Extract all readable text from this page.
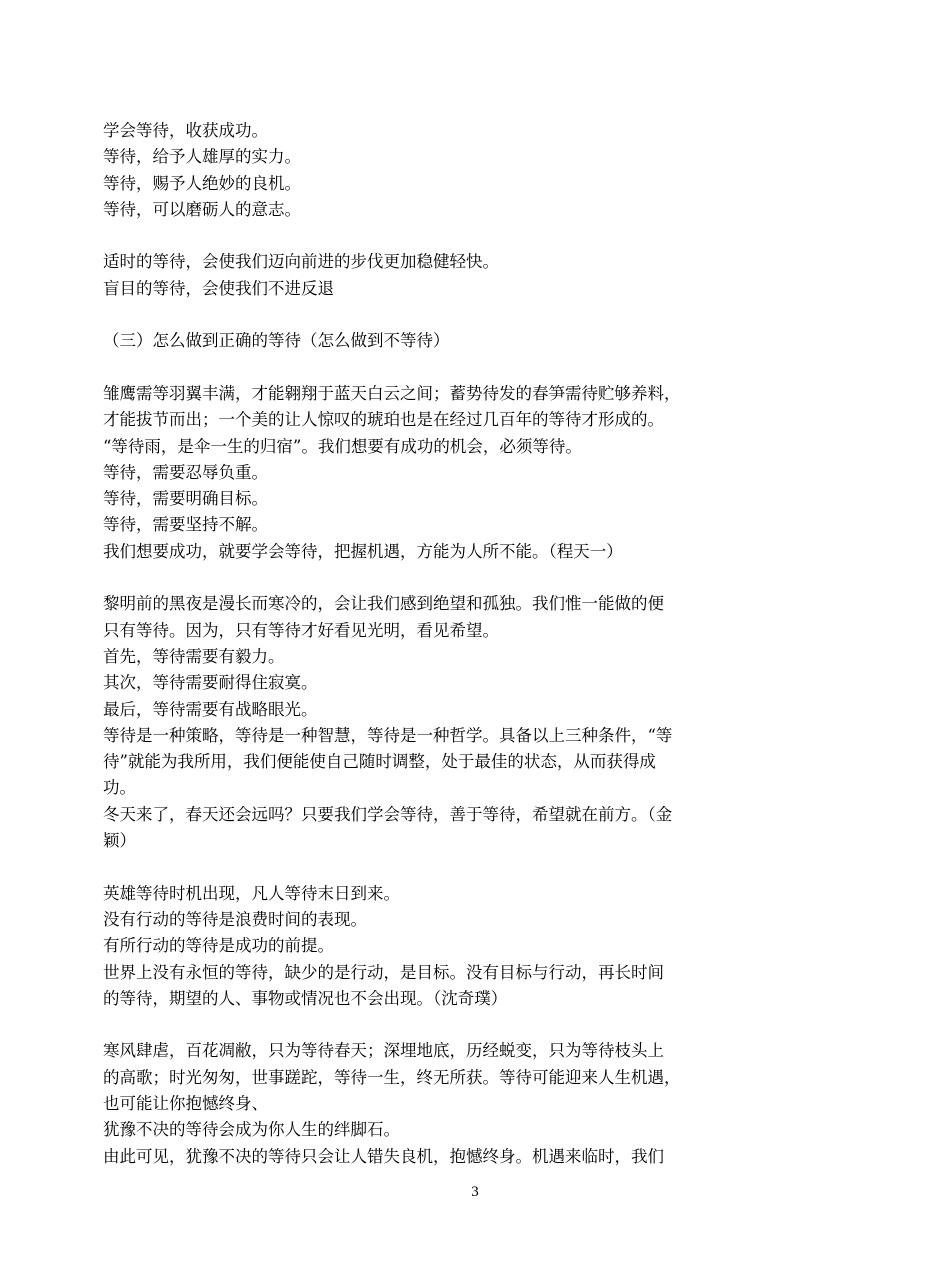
学会等待，收获成功。
等待，给予人雄厚的实力。
等待，赐予人绝妙的良机。
等待，可以磨砺人的意志。
适时的等待，会使我们迈向前进的步伐更加稳健轻快。
盲目的等待，会使我们不进反退
（三）怎么做到正确的等待（怎么做到不等待）
雏鹰需等羽翼丰满，才能翱翔于蓝天白云之间；蓄势待发的春笋需待贮够养料，
才能拔节而出；一个美的让人惊叹的琥珀也是在经过几百年的等待才形成的。
“等待雨，是伞一生的归宿”。我们想要有成功的机会，必须等待。
等待，需要忍辱负重。
等待，需要明确目标。
等待，需要坚持不解。
我们想要成功，就要学会等待，把握机遇，方能为人所不能。（程天一）
黎明前的黑夜是漫长而寒冷的，会让我们感到绝望和孤独。我们惟一能做的便
只有等待。因为，只有等待才好看见光明，看见希望。
首先，等待需要有毅力。
其次，等待需要耐得住寂寞。
最后，等待需要有战略眼光。
等待是一种策略，等待是一种智慧，等待是一种哲学。具备以上三种条件，“等
待”就能为我所用，我们便能使自己随时调整，处于最佳的状态，从而获得成
功。
冬天来了，春天还会远吗？只要我们学会等待，善于等待，希望就在前方。（金
颖）
英雄等待时机出现，凡人等待末日到来。
没有行动的等待是浪费时间的表现。
有所行动的等待是成功的前提。
世界上没有永恒的等待，缺少的是行动，是目标。没有目标与行动，再长时间
的等待，期望的人、事物或情况也不会出现。（沈奇璞）
寒风肆虐，百花凋敝，只为等待春天；深埋地底，历经蜕变，只为等待枝头上
的高歌；时光匆匆，世事蹉跎，等待一生，终无所获。等待可能迎来人生机遇，
也可能让你抱憾终身、
犹豫不决的等待会成为你人生的绊脚石。
由此可见，犹豫不决的等待只会让人错失良机，抱憾终身。机遇来临时，我们
3
